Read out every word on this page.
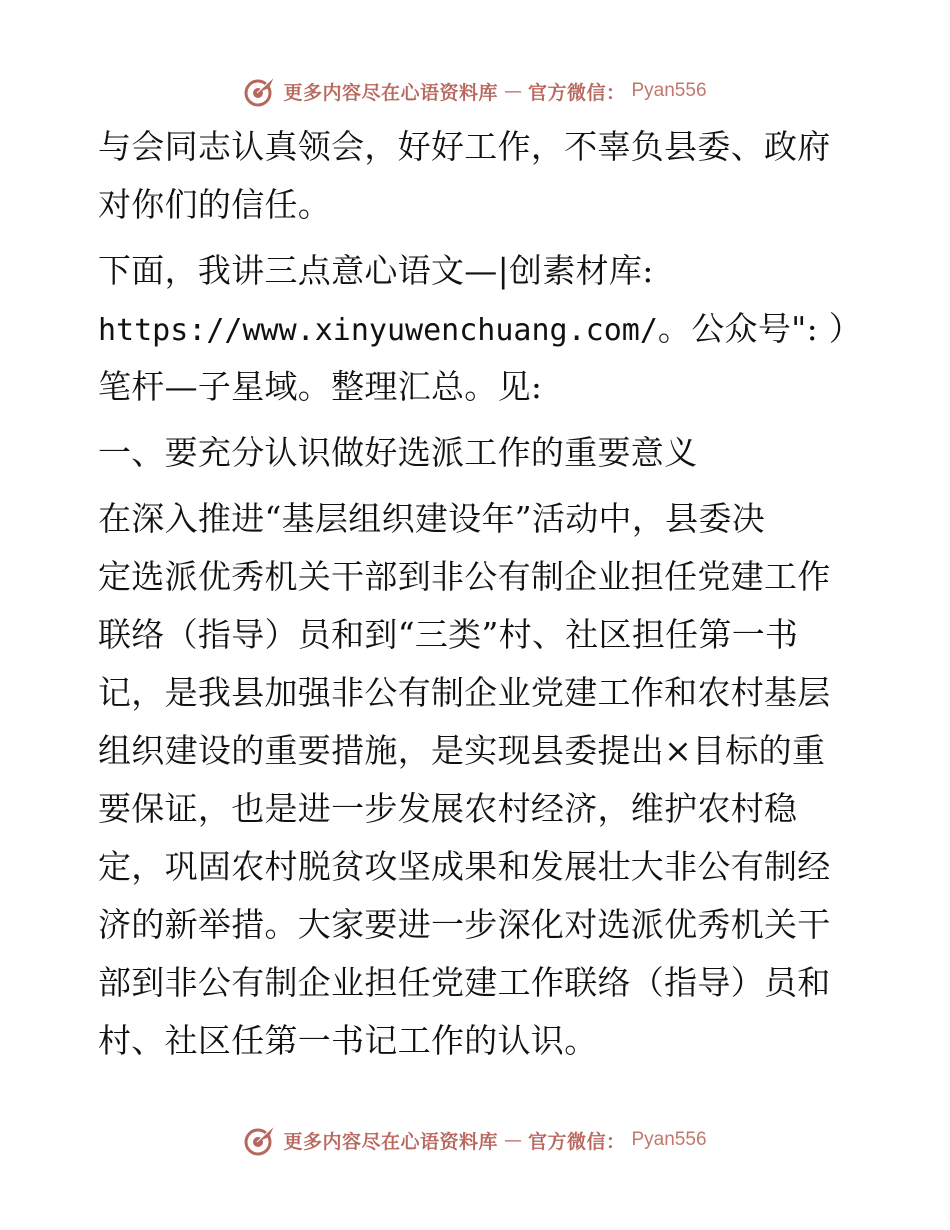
更多内容尽在心语资料库 — 官方微信： Pyan556
与会同志认真领会，好好工作，不辜负县委、政府
对你们的信任。
下面，我讲三点意心语文—|创素材库:
https://www.xinyuwenchuang.com/。公众号": ）
笔杆—子星域。整理汇总。见:
一、要充分认识做好选派工作的重要意义
在深入推进“基层组织建设年”活动中，县委决
定选派优秀机关干部到非公有制企业担任党建工作
联络（指导）员和到“三类”村、社区担任第一书
记，是我县加强非公有制企业党建工作和农村基层
组织建设的重要措施，是实现县委提出×目标的重
要保证，也是进一步发展农村经济，维护农村稳
定，巩固农村脱贫攻坚成果和发展壮大非公有制经
济的新举措。大家要进一步深化对选派优秀机关干
部到非公有制企业担任党建工作联络（指导）员和
村、社区任第一书记工作的认识。
更多内容尽在心语资料库 — 官方微信： Pyan556
